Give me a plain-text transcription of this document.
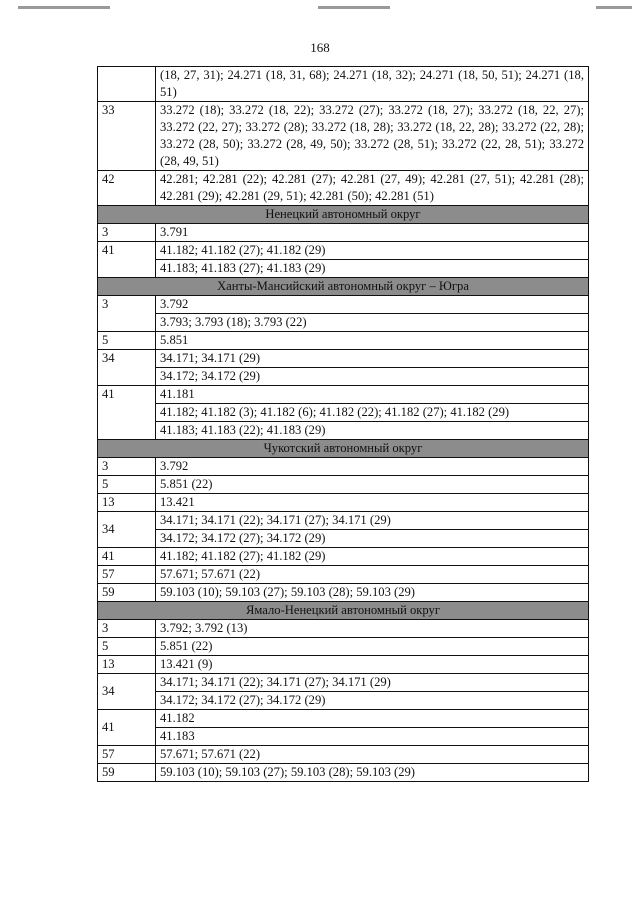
168
	(18, 27, 31); 24.271 (18, 31, 68); 24.271 (18, 32); 24.271 (18, 50, 51); 24.271 (18, 51)
33	33.272 (18); 33.272 (18, 22); 33.272 (27); 33.272 (18, 27); 33.272 (18, 22, 27); 33.272 (22, 27); 33.272 (28); 33.272 (18, 28); 33.272 (18, 22, 28); 33.272 (22, 28); 33.272 (28, 50); 33.272 (28, 49, 50); 33.272 (28, 51); 33.272 (22, 28, 51); 33.272 (28, 49, 51)
42	42.281; 42.281 (22); 42.281 (27); 42.281 (27, 49); 42.281 (27, 51); 42.281 (28); 42.281 (29); 42.281 (29, 51); 42.281 (50); 42.281 (51)
Ненецкий автономный округ	
3	3.791
41	41.182; 41.182 (27); 41.182 (29)
	41.183; 41.183 (27); 41.183 (29)
Ханты-Мансийский автономный округ – Югра	
3	3.792
	3.793; 3.793 (18); 3.793 (22)
5	5.851
34	34.171; 34.171 (29)
	34.172; 34.172 (29)
41	41.181
	41.182; 41.182 (3); 41.182 (6); 41.182 (22); 41.182 (27); 41.182 (29)
	41.183; 41.183 (22); 41.183 (29)
Чукотский автономный округ	
3	3.792
5	5.851 (22)
13	13.421
34	34.171; 34.171 (22); 34.171 (27); 34.171 (29)
	34.172; 34.172 (27); 34.172 (29)
41	41.182; 41.182 (27); 41.182 (29)
57	57.671; 57.671 (22)
59	59.103 (10); 59.103 (27); 59.103 (28); 59.103 (29)
Ямало-Ненецкий автономный округ	
3	3.792; 3.792 (13)
5	5.851 (22)
13	13.421 (9)
34	34.171; 34.171 (22); 34.171 (27); 34.171 (29)
	34.172; 34.172 (27); 34.172 (29)
41	41.182
	41.183
57	57.671; 57.671 (22)
59	59.103 (10); 59.103 (27); 59.103 (28); 59.103 (29)
